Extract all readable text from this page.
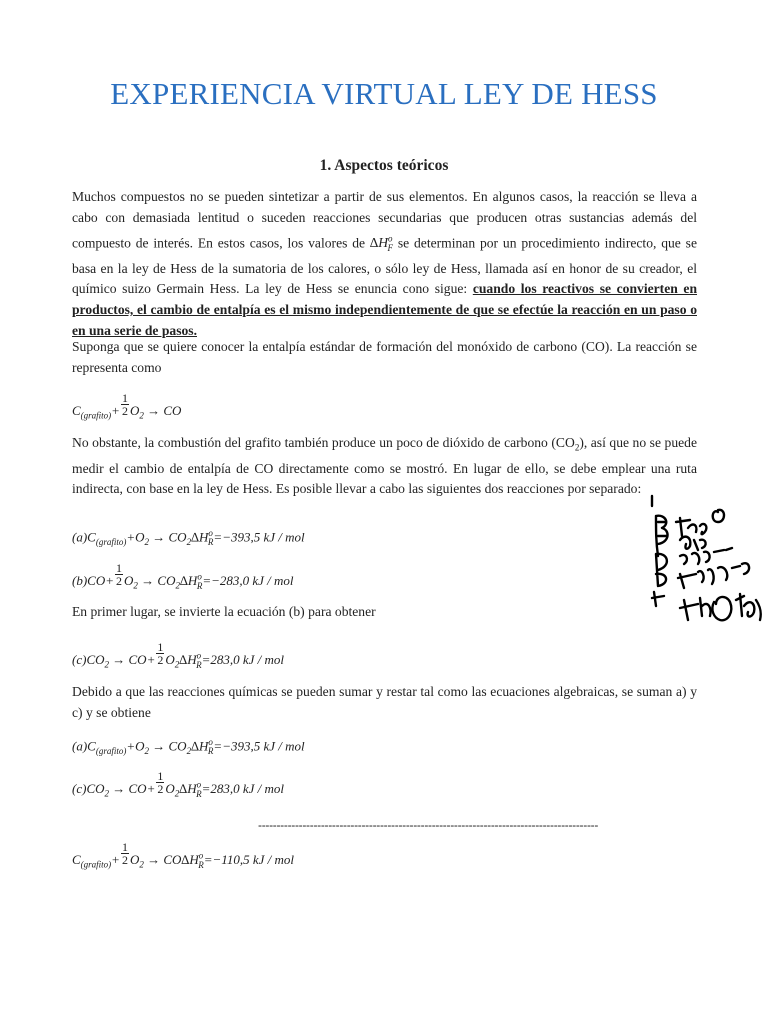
EXPERIENCIA VIRTUAL LEY DE HESS
1. Aspectos teóricos

Muchos compuestos no se pueden sintetizar a partir de sus elementos. En algunos casos, la reacción se lleva a cabo con demasiada lentitud o suceden reacciones secundarias que producen otras sustancias además del compuesto de interés. En estos casos, los valores de $\Delta H^o_F$ se determinan por un procedimiento indirecto, que se basa en la ley de Hess de la sumatoria de los calores, o sólo ley de Hess, llamada así en honor de su creador, el químico suizo Germain Hess. La ley de Hess se enuncia cono sigue: cuando los reactivos se convierten en productos, el cambio de entalpía es el mismo independientemente de que se efectúe la reacción en un paso o en una serie de pasos.

Suponga que se quiere conocer la entalpía estándar de formación del monóxido de carbono (CO). La reacción se representa como

$C_{(grafito)}+ \frac{1}{2} O_2$ → CO

No obstante, la combustión del grafito también produce un poco de dióxido de carbono $(CO_2)$, así que no se puede medir el cambio de entalpía de CO directamente como se mostró. En lugar de ello, se debe emplear una ruta indirecta, con base en la ley de Hess. Es posible llevar a cabo las siguientes dos reacciones por separado:

$(a)C_{(grafito)}+O_2 \to CO_2\Delta H^o_R=-393,5$ kJ / mol
$(b)CO+ \frac{1}{2} O_2 \to CO_2\Delta H^o_R=-283,0$ kJ / mol

En primer lugar, se invierte la ecuación (b) para obtener

$(c)CO_2 \to CO+ \frac{1}{2} O_2\Delta H^o_R=283,0$ kJ / mol

Debido a que las reacciones químicas se pueden sumar y restar tal como las ecuaciones algebraicas, se suman a) y c) y se obtiene

$(a)C_{(grafito)}+O_2 \to CO_2\Delta H^o_R=-393,5$ kJ / mol
$(c)CO_2 \to CO+ \frac{1}{2} O_2\Delta H^o_R=283,0$ kJ / mol
--------------------------------------------------------------------------------------------
$C_{(grafito)}+ \frac{1}{2} O_2 \to CO\Delta H^o_R=-110,5$ kJ / mol
